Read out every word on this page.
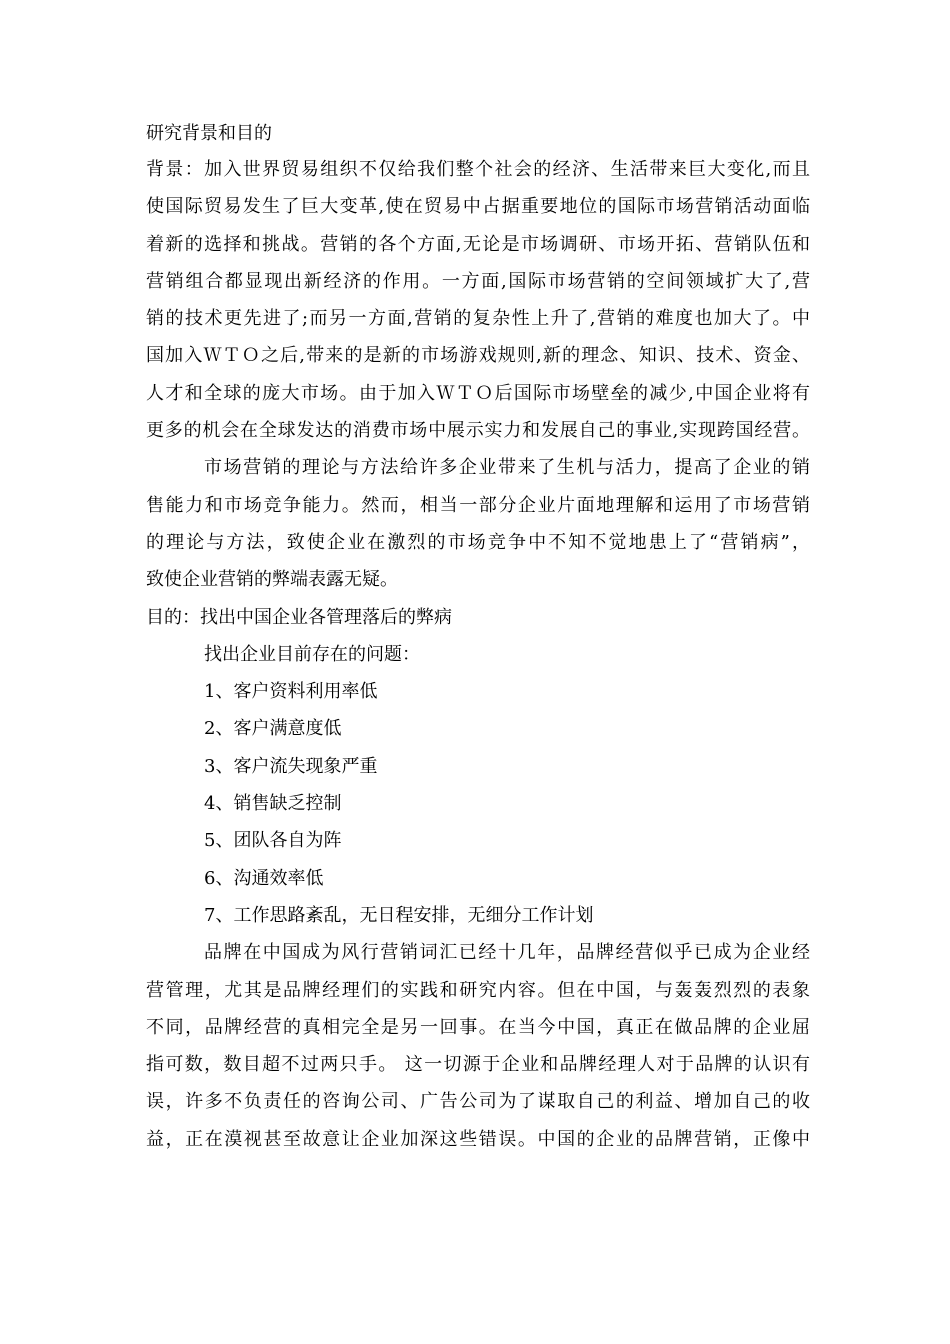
研究背景和目的
背景：加入世界贸易组织不仅给我们整个社会的经济、生活带来巨大变化,而且
使国际贸易发生了巨大变革,使在贸易中占据重要地位的国际市场营销活动面临
着新的选择和挑战。营销的各个方面,无论是市场调研、市场开拓、营销队伍和
营销组合都显现出新经济的作用。一方面,国际市场营销的空间领域扩大了,营
销的技术更先进了;而另一方面,营销的复杂性上升了,营销的难度也加大了。中
国加入ＷＴＯ之后,带来的是新的市场游戏规则,新的理念、知识、技术、资金、
人才和全球的庞大市场。由于加入ＷＴＯ后国际市场壁垒的减少,中国企业将有
更多的机会在全球发达的消费市场中展示实力和发展自己的事业,实现跨国经营。
市场营销的理论与方法给许多企业带来了生机与活力，提高了企业的销
售能力和市场竞争能力。然而，相当一部分企业片面地理解和运用了市场营销
的理论与方法，致使企业在激烈的市场竞争中不知不觉地患上了“营销病”，
致使企业营销的弊端表露无疑。
目的：找出中国企业各管理落后的弊病
找出企业目前存在的问题：
1、客户资料利用率低
2、客户满意度低
3、客户流失现象严重
4、销售缺乏控制
5、团队各自为阵
6、沟通效率低
7、工作思路紊乱，无日程安排，无细分工作计划
品牌在中国成为风行营销词汇已经十几年，品牌经营似乎已成为企业经
营管理，尤其是品牌经理们的实践和研究内容。但在中国，与轰轰烈烈的表象
不同，品牌经营的真相完全是另一回事。在当今中国，真正在做品牌的企业屈
指可数，数目超不过两只手。 这一切源于企业和品牌经理人对于品牌的认识有
误，许多不负责任的咨询公司、广告公司为了谋取自己的利益、增加自己的收
益，正在漠视甚至故意让企业加深这些错误。中国的企业的品牌营销，正像中
